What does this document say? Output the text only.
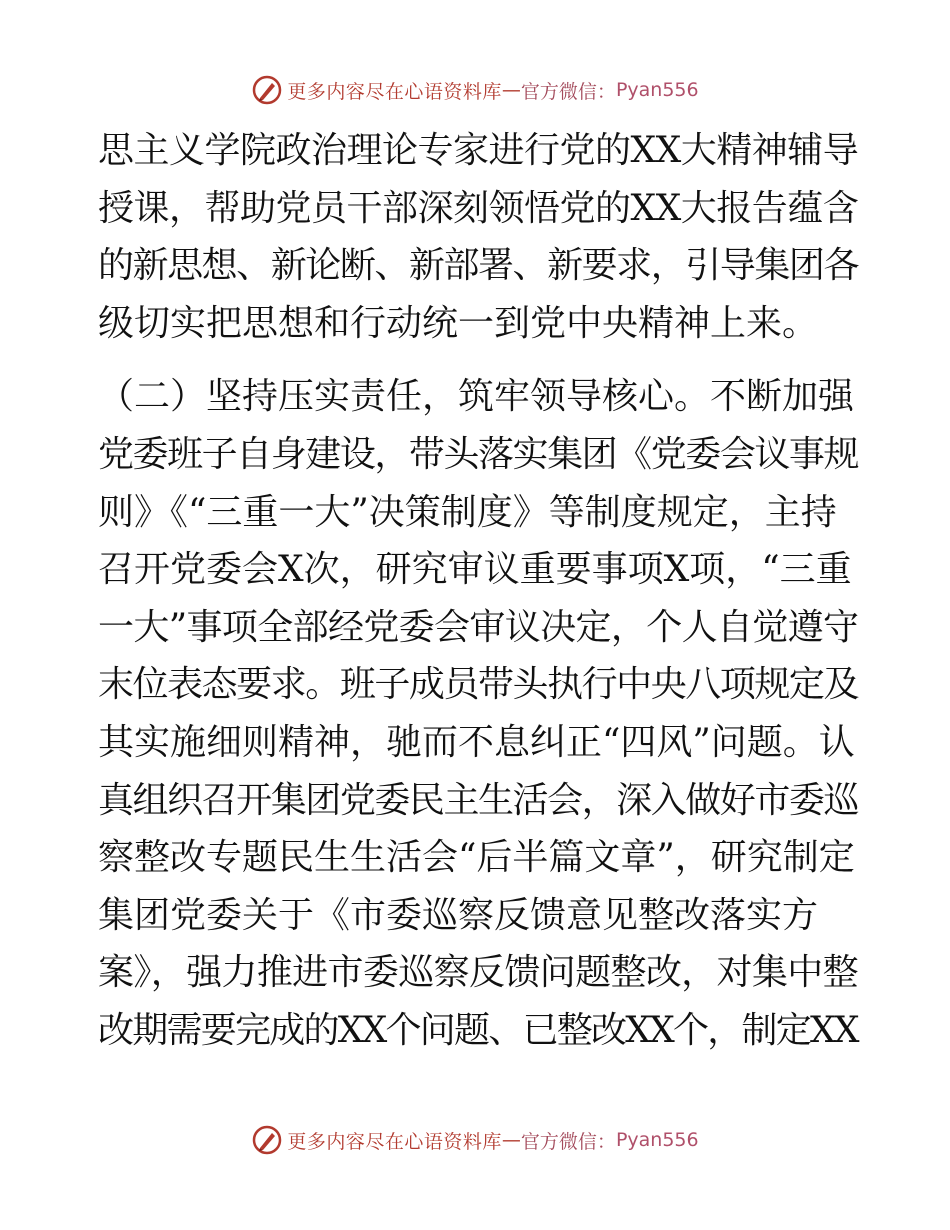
更多内容尽在心语资料库 — 官方微信： Pyan556
思主义学院政治理论专家进行党的XX大精神辅导
授课，帮助党员干部深刻领悟党的XX大报告蕴含
的新思想、新论断、新部署、新要求，引导集团各
级切实把思想和行动统一到党中央精神上来。
（二）坚持压实责任，筑牢领导核心。不断加强
党委班子自身建设，带头落实集团《党委会议事规
则》《“三重一大”决策制度》等制度规定，主持
召开党委会X次，研究审议重要事项X项，“三重
一大”事项全部经党委会审议决定，个人自觉遵守
末位表态要求。班子成员带头执行中央八项规定及
其实施细则精神，驰而不息纠正“四风”问题。认
真组织召开集团党委民主生活会，深入做好市委巡
察整改专题民生生活会“后半篇文章”，研究制定
集团党委关于《市委巡察反馈意见整改落实方
案》，强力推进市委巡察反馈问题整改，对集中整
改期需要完成的XX个问题、已整改XX个，制定XX
更多内容尽在心语资料库 — 官方微信： Pyan556
